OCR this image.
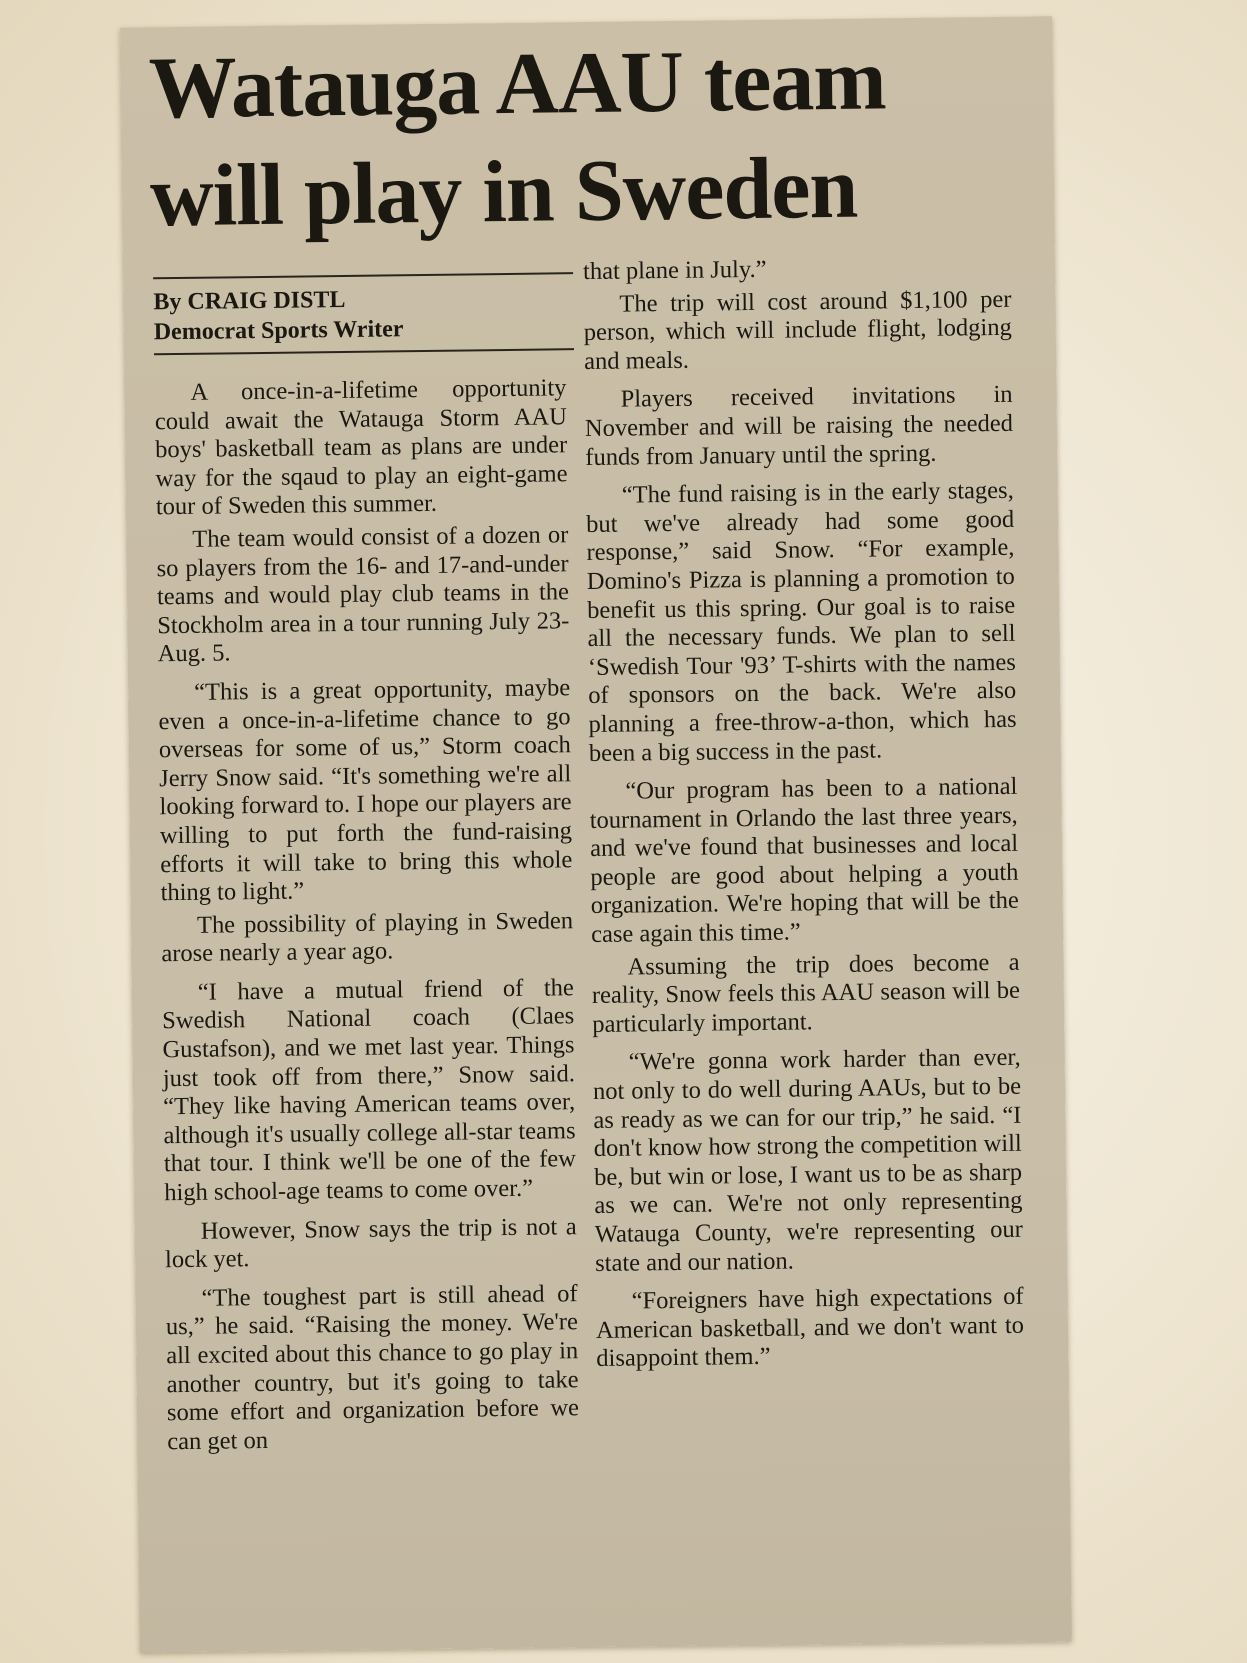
Watauga AAU team will play in Sweden
By CRAIG DISTL
Democrat Sports Writer

A once-in-a-lifetime opportunity could await the Watauga Storm AAU boys' basketball team as plans are under way for the sqaud to play an eight-game tour of Sweden this summer.

The team would consist of a dozen or so players from the 16- and 17-and-under teams and would play club teams in the Stockholm area in a tour running July 23-Aug. 5.

“This is a great opportunity, maybe even a once-in-a-lifetime chance to go overseas for some of us,” Storm coach Jerry Snow said. “It's something we're all looking forward to. I hope our players are willing to put forth the fund-raising efforts it will take to bring this whole thing to light.”

The possibility of playing in Sweden arose nearly a year ago.

“I have a mutual friend of the Swedish National coach (Claes Gustafson), and we met last year. Things just took off from there,” Snow said. “They like having American teams over, although it's usually college all-star teams that tour. I think we'll be one of the few high school-age teams to come over.”

However, Snow says the trip is not a lock yet.

“The toughest part is still ahead of us,” he said. “Raising the money. We're all excited about this chance to go play in another country, but it's going to take some effort and organization before we can get on

that plane in July.”

The trip will cost around $1,100 per person, which will include flight, lodging and meals.

Players received invitations in November and will be raising the needed funds from January until the spring.

“The fund raising is in the early stages, but we've already had some good response,” said Snow. “For example, Domino's Pizza is planning a promotion to benefit us this spring. Our goal is to raise all the necessary funds. We plan to sell ‘Swedish Tour '93’ T-shirts with the names of sponsors on the back. We're also planning a free-throw-a-thon, which has been a big success in the past.

“Our program has been to a national tournament in Orlando the last three years, and we've found that businesses and local people are good about helping a youth organization. We're hoping that will be the case again this time.”

Assuming the trip does become a reality, Snow feels this AAU season will be particularly important.

“We're gonna work harder than ever, not only to do well during AAUs, but to be as ready as we can for our trip,” he said. “I don't know how strong the competition will be, but win or lose, I want us to be as sharp as we can. We're not only representing Watauga County, we're representing our state and our nation.

“Foreigners have high expectations of American basketball, and we don't want to disappoint them.”
